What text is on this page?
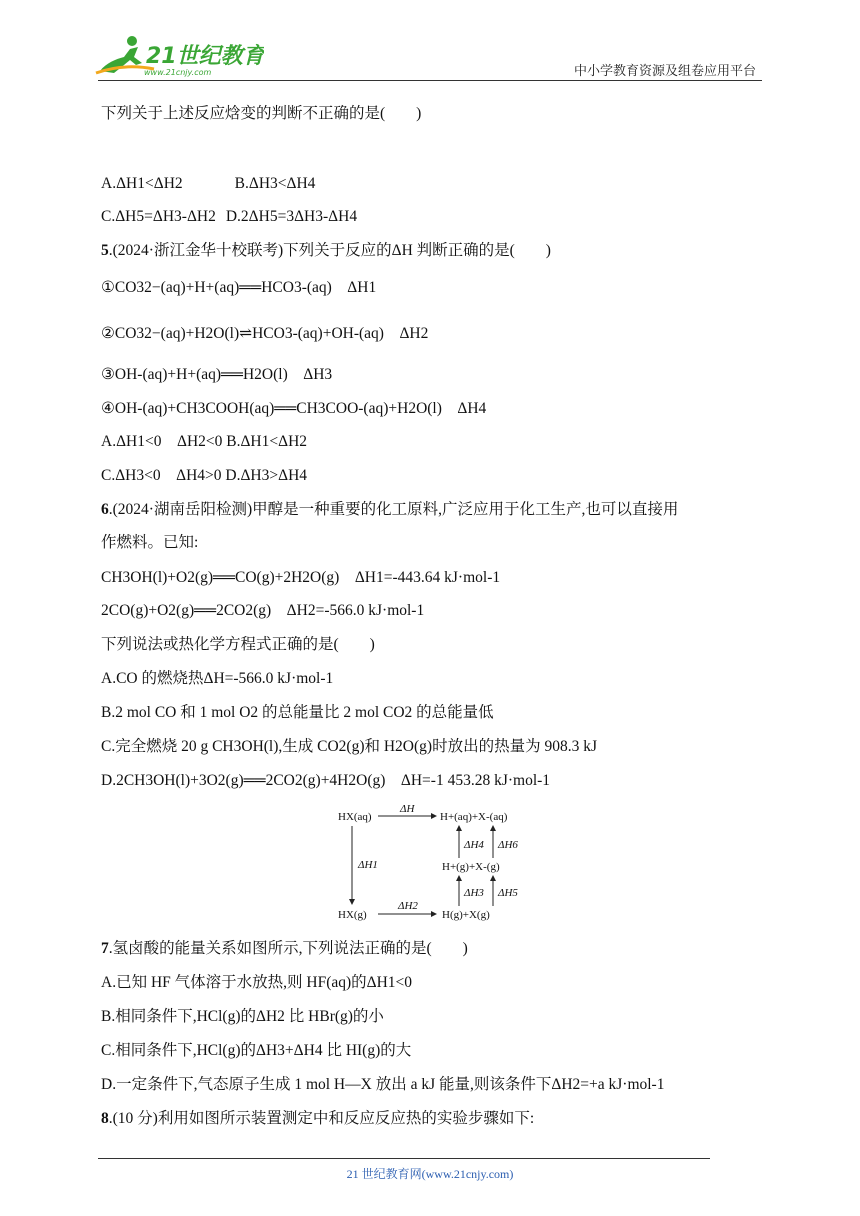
21世纪教育
www.21cnjy.com	中小学教育资源及组卷应用平台
下列关于上述反应焓变的判断不正确的是(　　)
A.ΔH1<ΔH2	B.ΔH3<ΔH4
C.ΔH5=ΔH3-ΔH2 D.2ΔH5=3ΔH3-ΔH4
5.(2024·浙江金华十校联考)下列关于反应的ΔH 判断正确的是(　　)
①CO32−(aq)+H+(aq)══HCO3-(aq)　ΔH1
②CO32−(aq)+H2O(l)⇌HCO3-(aq)+OH-(aq)　ΔH2
③OH-(aq)+H+(aq)══H2O(l)　ΔH3
④OH-(aq)+CH3COOH(aq)══CH3COO-(aq)+H2O(l)　ΔH4
A.ΔH1<0　ΔH2<0 B.ΔH1<ΔH2
C.ΔH3<0　ΔH4>0 D.ΔH3>ΔH4
6.(2024·湖南岳阳检测)甲醇是一种重要的化工原料,广泛应用于化工生产,也可以直接用
作燃料。已知:
CH3OH(l)+O2(g)══CO(g)+2H2O(g)　ΔH1=-443.64 kJ·mol-1
2CO(g)+O2(g)══2CO2(g)　ΔH2=-566.0 kJ·mol-1
下列说法或热化学方程式正确的是(　　)
A.CO 的燃烧热ΔH=-566.0 kJ·mol-1
B.2 mol CO 和 1 mol O2 的总能量比 2 mol CO2 的总能量低
C.完全燃烧 20 g CH3OH(l),生成 CO2(g)和 H2O(g)时放出的热量为 908.3 kJ
D.2CH3OH(l)+3O2(g)══2CO2(g)+4H2O(g)　ΔH=-1 453.28 kJ·mol-1
HX(aq)
ΔH
H+(aq)+X-(aq)
ΔH1
ΔH4 ΔH6
H+(g)+X-(g)
ΔH3 ΔH5
HX(g)
ΔH2
H(g)+X(g)
7.氢卤酸的能量关系如图所示,下列说法正确的是(　　)
A.已知 HF 气体溶于水放热,则 HF(aq)的ΔH1<0
B.相同条件下,HCl(g)的ΔH2 比 HBr(g)的小
C.相同条件下,HCl(g)的ΔH3+ΔH4 比 HI(g)的大
D.一定条件下,气态原子生成 1 mol H—X 放出 a kJ 能量,则该条件下ΔH2=+a kJ·mol-1
8.(10 分)利用如图所示装置测定中和反应反应热的实验步骤如下:
21 世纪教育网(www.21cnjy.com)
